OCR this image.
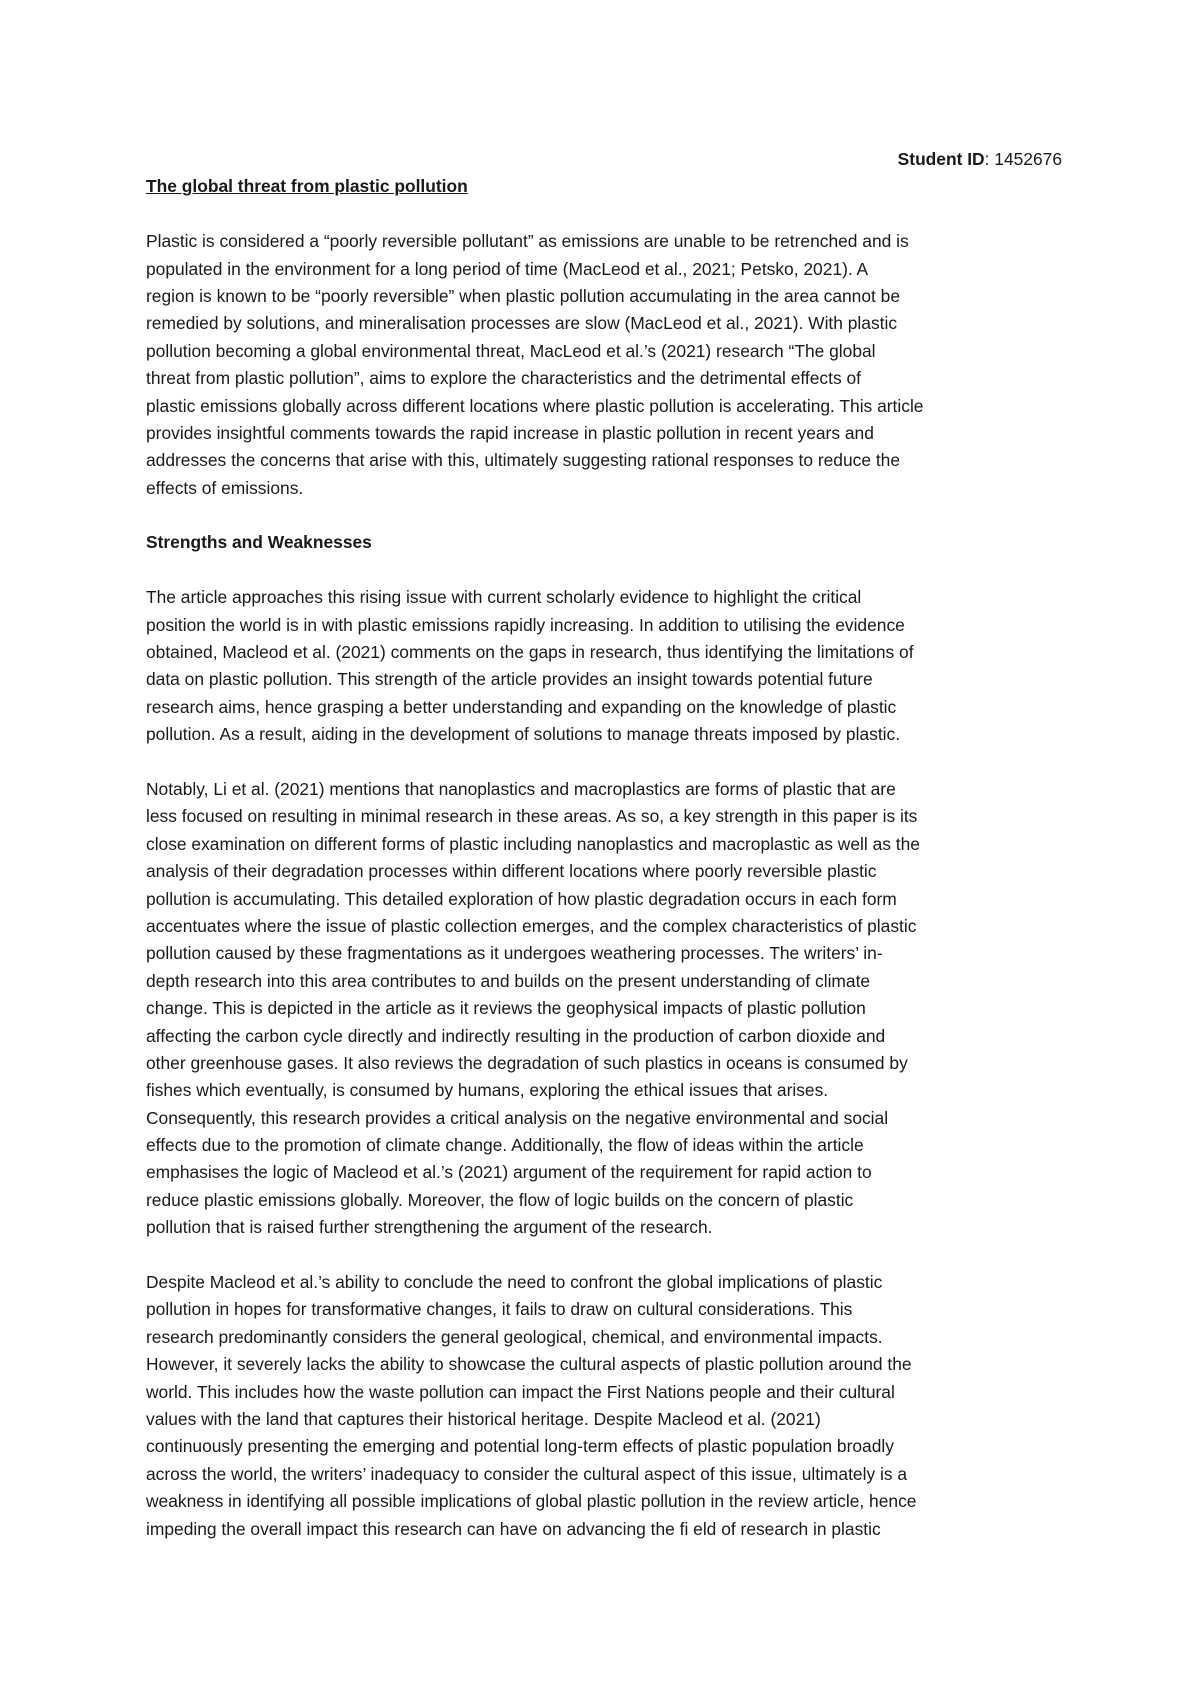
Student ID: 1452676

The global threat from plastic pollution

Plastic is considered a “poorly reversible pollutant” as emissions are unable to be retrenched and is
populated in the environment for a long period of time (MacLeod et al., 2021; Petsko, 2021). A
region is known to be “poorly reversible” when plastic pollution accumulating in the area cannot be
remedied by solutions, and mineralisation processes are slow (MacLeod et al., 2021). With plastic
pollution becoming a global environmental threat, MacLeod et al.’s (2021) research “The global
threat from plastic pollution”, aims to explore the characteristics and the detrimental effects of
plastic emissions globally across different locations where plastic pollution is accelerating. This article
provides insightful comments towards the rapid increase in plastic pollution in recent years and
addresses the concerns that arise with this, ultimately suggesting rational responses to reduce the
effects of emissions.

Strengths and Weaknesses

The article approaches this rising issue with current scholarly evidence to highlight the critical
position the world is in with plastic emissions rapidly increasing. In addition to utilising the evidence
obtained, Macleod et al. (2021) comments on the gaps in research, thus identifying the limitations of
data on plastic pollution. This strength of the article provides an insight towards potential future
research aims, hence grasping a better understanding and expanding on the knowledge of plastic
pollution. As a result, aiding in the development of solutions to manage threats imposed by plastic.
Notably, Li et al. (2021) mentions that nanoplastics and macroplastics are forms of plastic that are
less focused on resulting in minimal research in these areas. As so, a key strength in this paper is its
close examination on different forms of plastic including nanoplastics and macroplastic as well as the
analysis of their degradation processes within different locations where poorly reversible plastic
pollution is accumulating. This detailed exploration of how plastic degradation occurs in each form
accentuates where the issue of plastic collection emerges, and the complex characteristics of plastic
pollution caused by these fragmentations as it undergoes weathering processes. The writers’ in-
depth research into this area contributes to and builds on the present understanding of climate
change. This is depicted in the article as it reviews the geophysical impacts of plastic pollution
affecting the carbon cycle directly and indirectly resulting in the production of carbon dioxide and
other greenhouse gases. It also reviews the degradation of such plastics in oceans is consumed by
fishes which eventually, is consumed by humans, exploring the ethical issues that arises.
Consequently, this research provides a critical analysis on the negative environmental and social
effects due to the promotion of climate change. Additionally, the flow of ideas within the article
emphasises the logic of Macleod et al.’s (2021) argument of the requirement for rapid action to
reduce plastic emissions globally. Moreover, the flow of logic builds on the concern of plastic
pollution that is raised further strengthening the argument of the research.
Despite Macleod et al.’s ability to conclude the need to confront the global implications of plastic
pollution in hopes for transformative changes, it fails to draw on cultural considerations. This
research predominantly considers the general geological, chemical, and environmental impacts.
However, it severely lacks the ability to showcase the cultural aspects of plastic pollution around the
world. This includes how the waste pollution can impact the First Nations people and their cultural
values with the land that captures their historical heritage. Despite Macleod et al. (2021)
continuously presenting the emerging and potential long-term effects of plastic population broadly
across the world, the writers’ inadequacy to consider the cultural aspect of this issue, ultimately is a
weakness in identifying all possible implications of global plastic pollution in the review article, hence
impeding the overall impact this research can have on advancing the fi eld of research in plastic
